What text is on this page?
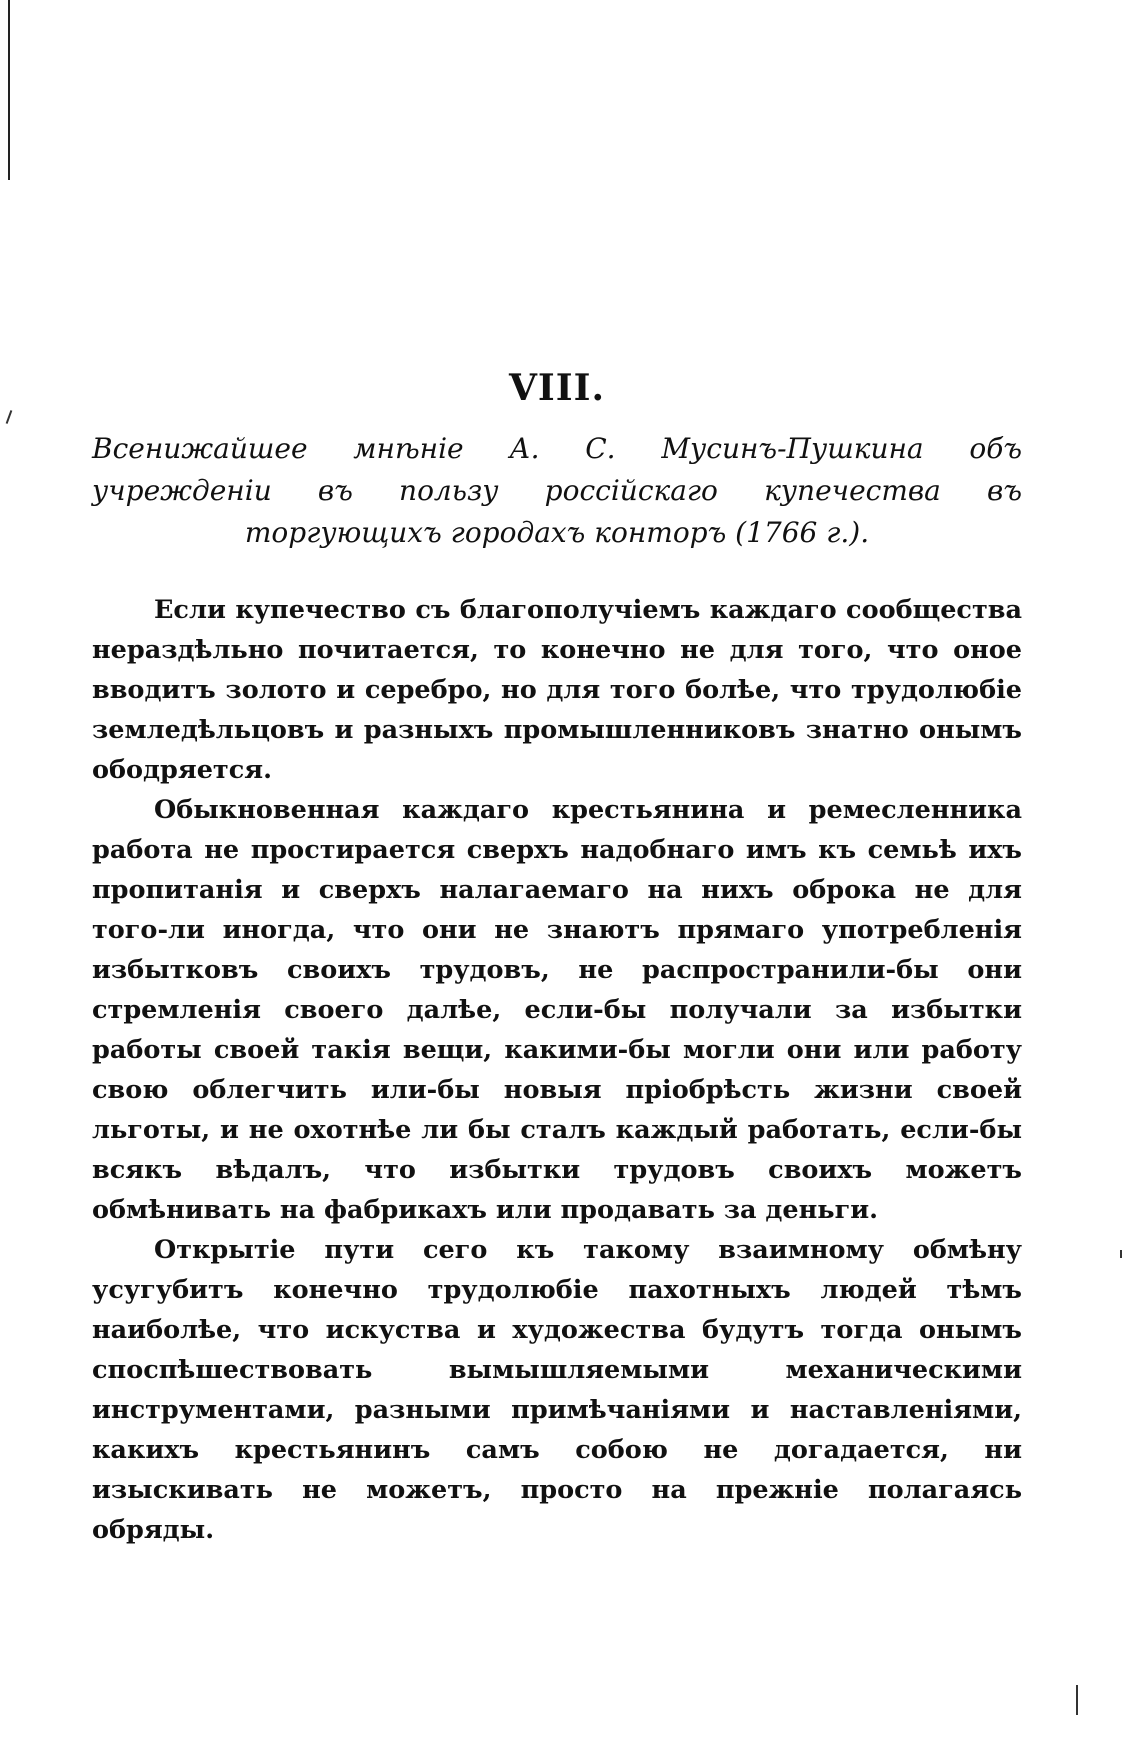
VIII.
Всенижайшее мнѣніе А. С. Мусинъ-Пушкина объ учрежденіи въ пользу россійскаго купечества въ торгующихъ городахъ конторъ (1766 г.).

Если купечество съ благополучіемъ каждаго сообщества нераздѣльно почитается, то конечно не для того, что оное вводитъ золото и серебро, но для того болѣе, что трудолюбіе земледѣльцовъ и разныхъ промышленниковъ знатно онымъ ободряется.

Обыкновенная каждаго крестьянина и ремесленника работа не простирается сверхъ надобнаго имъ къ семьѣ ихъ пропитанія и сверхъ налагаемаго на нихъ оброка не для того-ли иногда, что они не знаютъ прямаго употребленія избытковъ своихъ трудовъ, не распространили-бы они стремленія своего далѣе, если-бы получали за избытки работы своей такія вещи, какими-бы могли они или работу свою облегчить или-бы новыя пріобрѣсть жизни своей льготы, и не охотнѣе ли бы сталъ каждый работать, если-бы всякъ вѣдалъ, что избытки трудовъ своихъ можетъ обмѣнивать на фабрикахъ или продавать за деньги.

Открытіе пути сего къ такому взаимному обмѣну усугубитъ конечно трудолюбіе пахотныхъ людей тѣмъ наиболѣе, что искуства и художества будутъ тогда онымъ споспѣшествовать вымышляемыми механическими инструментами, разными примѣчаніями и наставленіями, какихъ крестьянинъ самъ собою не догадается, ни изыскивать не можетъ, просто на прежніе полагаясь обряды.
